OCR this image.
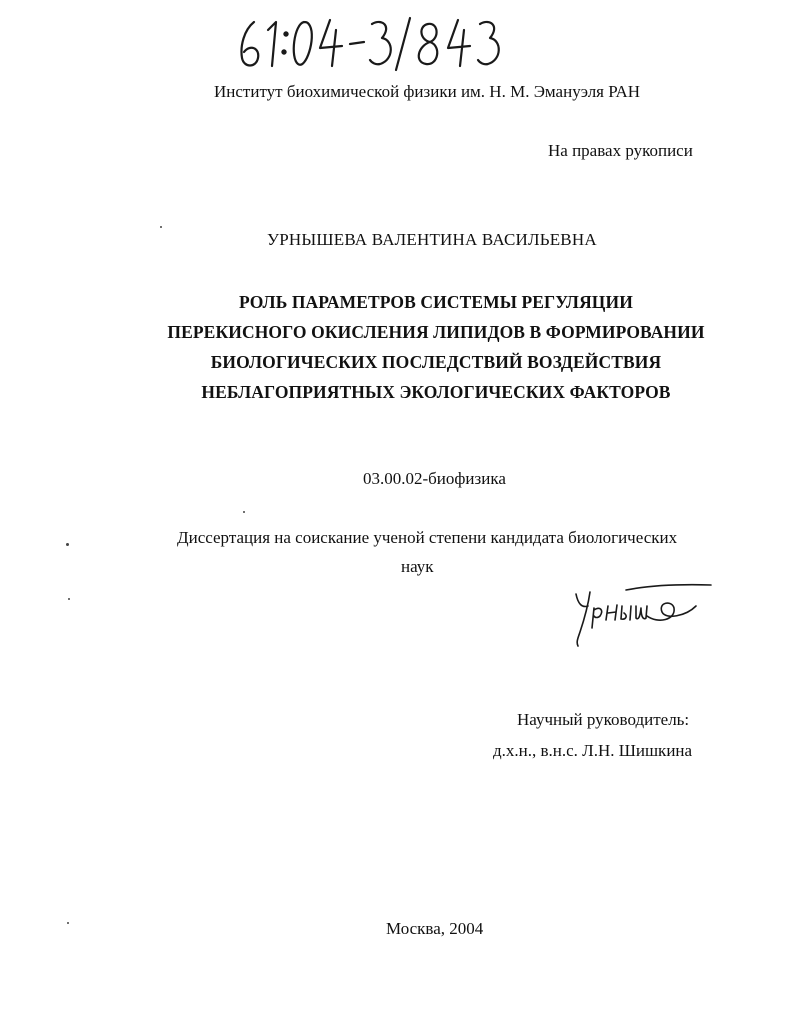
Институт биохимической физики им. Н. М. Эмануэля РАН
На правах рукописи
УРНЫШЕВА ВАЛЕНТИНА ВАСИЛЬЕВНА
РОЛЬ ПАРАМЕТРОВ СИСТЕМЫ РЕГУЛЯЦИИ
ПЕРЕКИСНОГО ОКИСЛЕНИЯ ЛИПИДОВ В ФОРМИРОВАНИИ
БИОЛОГИЧЕСКИХ ПОСЛЕДСТВИЙ ВОЗДЕЙСТВИЯ
НЕБЛАГОПРИЯТНЫХ ЭКОЛОГИЧЕСКИХ ФАКТОРОВ
03.00.02-биофизика
Диссертация на соискание ученой степени кандидата биологических
наук
Научный руководитель:
д.х.н., в.н.с. Л.Н. Шишкина
Москва, 2004
